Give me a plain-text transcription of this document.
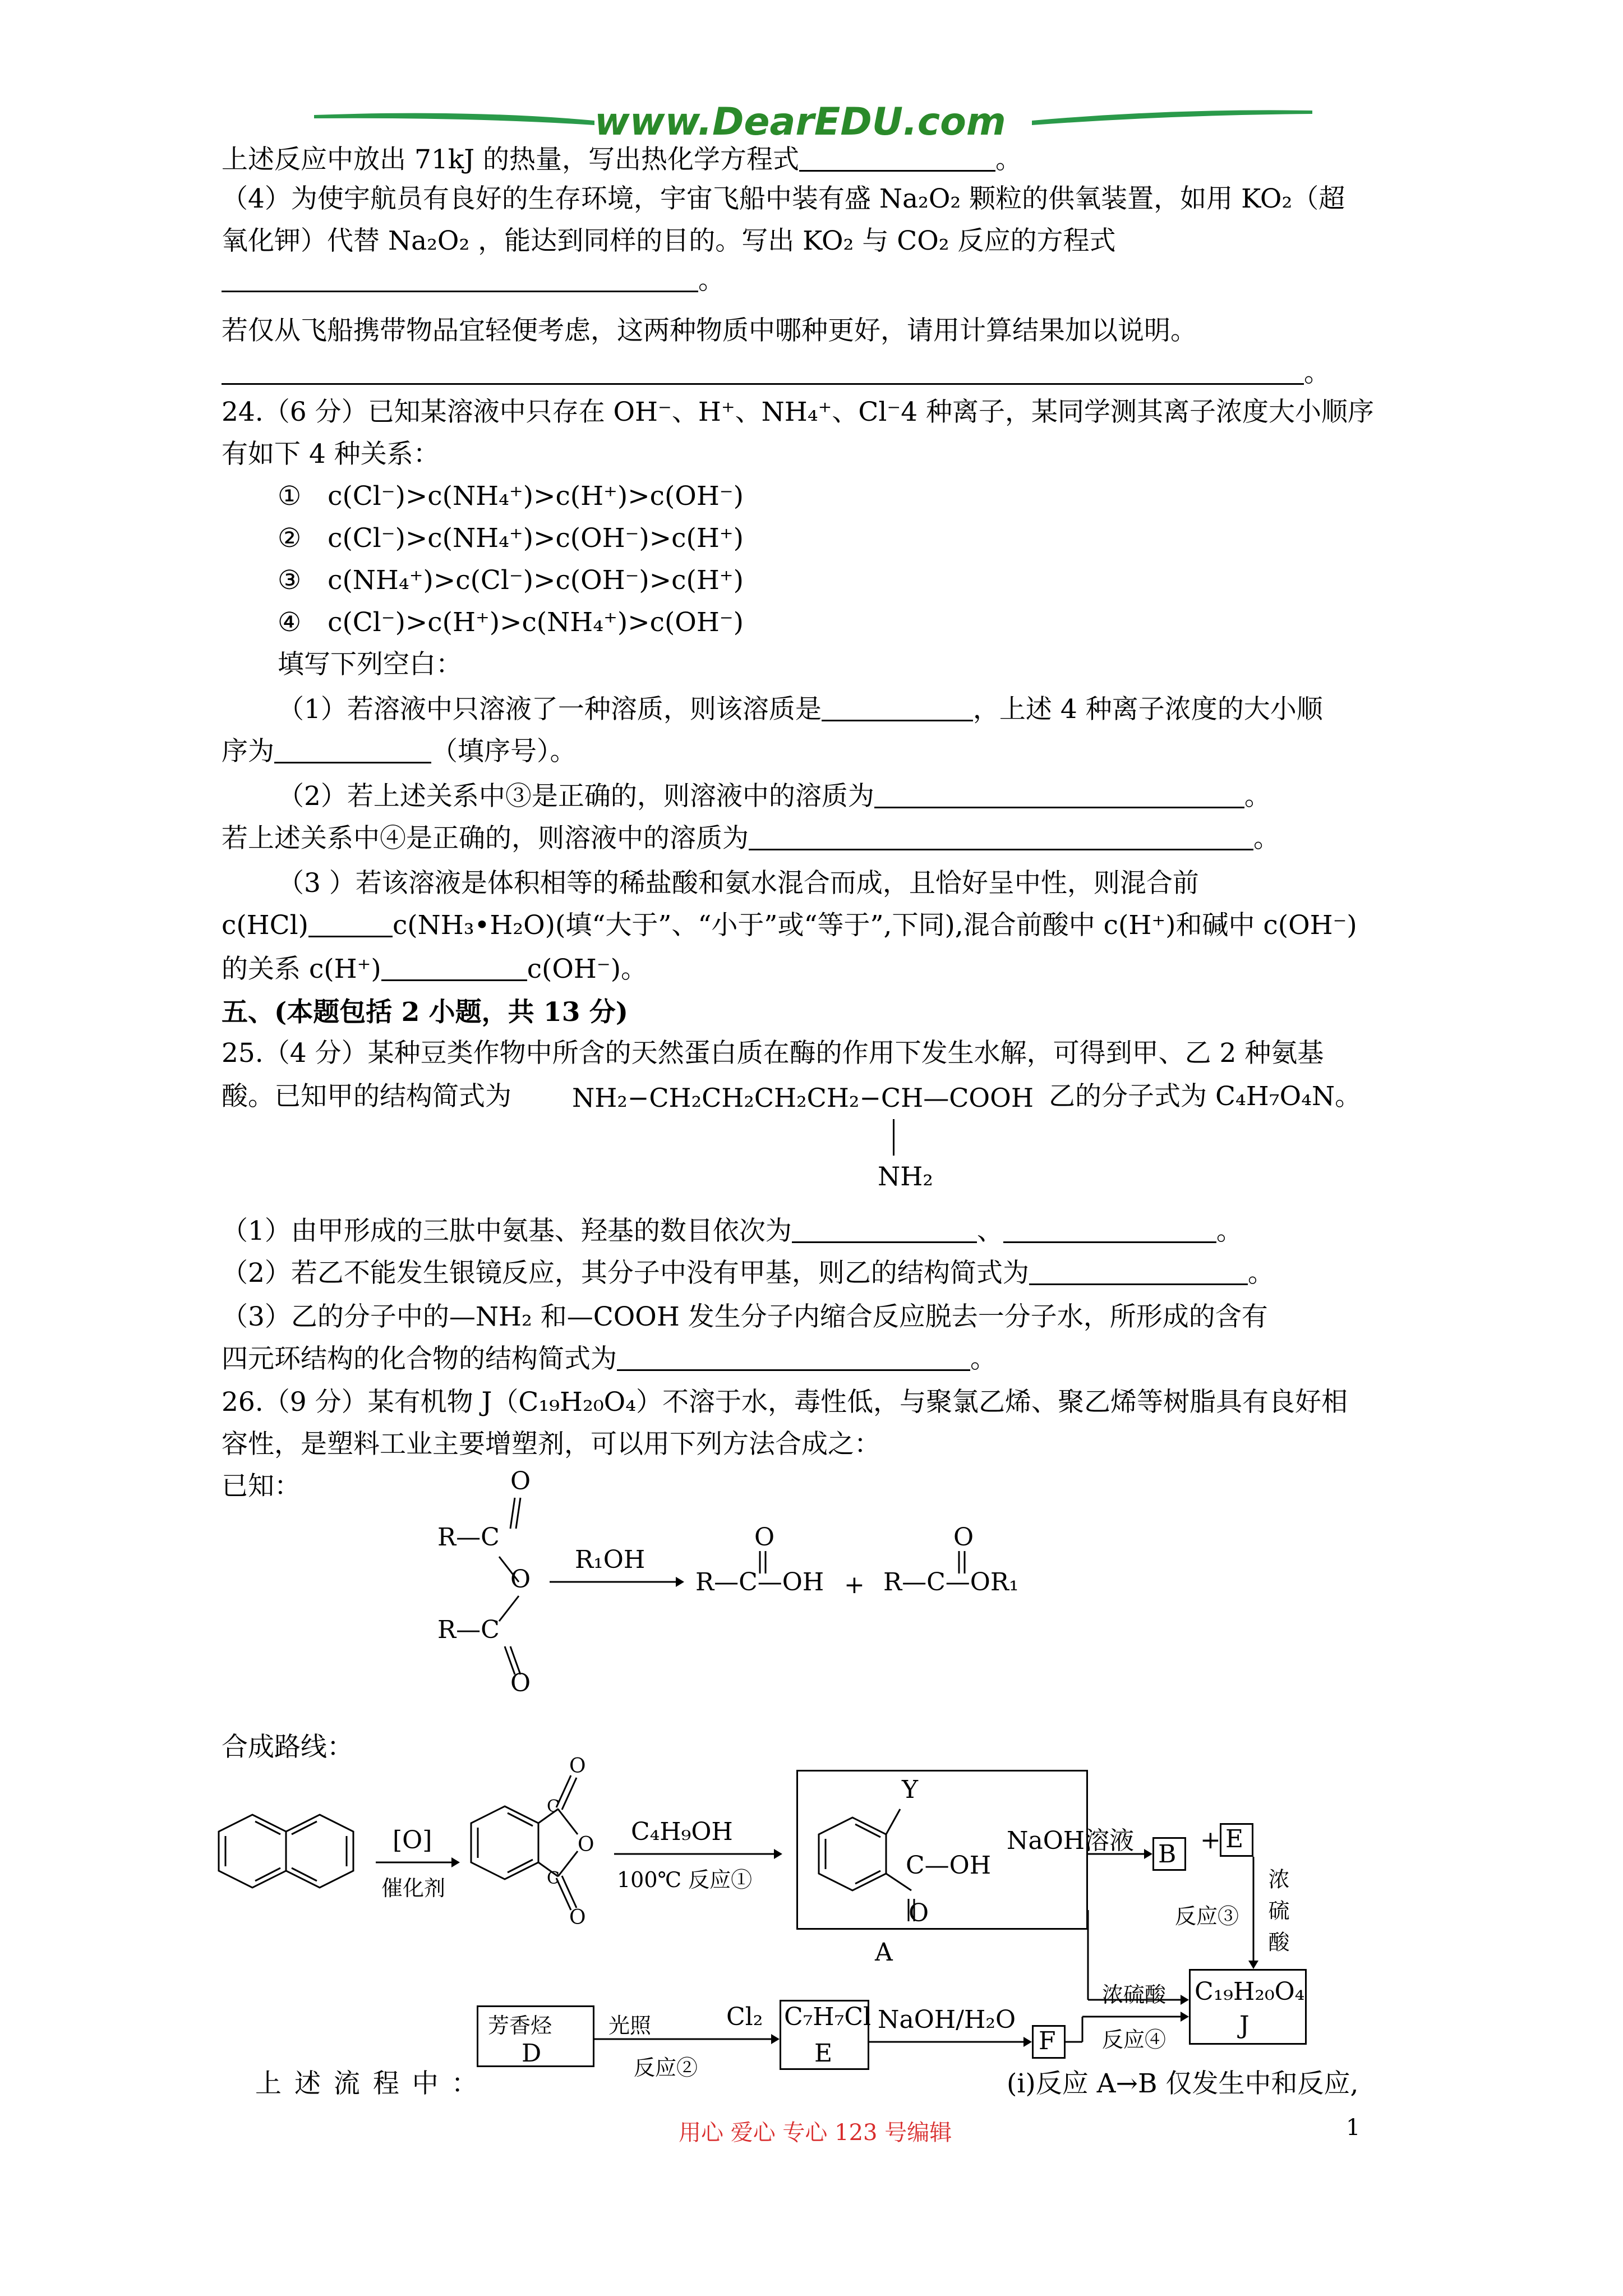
www.DearEDU.com
上述反应中放出 71kJ 的热量，写出热化学方程式	。
（4）为使宇航员有良好的生存环境，宇宙飞船中装有盛 Na₂O₂ 颗粒的供氧装置，如用 KO₂（超
氧化钾）代替 Na₂O₂ ，能达到同样的目的。写出 KO₂ 与 CO₂ 反应的方程式
。
若仅从飞船携带物品宜轻便考虑，这两种物质中哪种更好，请用计算结果加以说明。
。
24.（6 分）已知某溶液中只存在 OH⁻、H⁺、NH₄⁺、Cl⁻4 种离子，某同学测其离子浓度大小顺序
有如下 4 种关系：
①　c(Cl⁻)>c(NH₄⁺)>c(H⁺)>c(OH⁻)
②　c(Cl⁻)>c(NH₄⁺)>c(OH⁻)>c(H⁺)
③　c(NH₄⁺)>c(Cl⁻)>c(OH⁻)>c(H⁺)
④　c(Cl⁻)>c(H⁺)>c(NH₄⁺)>c(OH⁻)
填写下列空白：
（1）若溶液中只溶液了一种溶质，则该溶质是	，上述 4 种离子浓度的大小顺
序为	（填序号）。
（2）若上述关系中③是正确的，则溶液中的溶质为	。
若上述关系中④是正确的，则溶液中的溶质为	。
（3 ）若该溶液是体积相等的稀盐酸和氨水混合而成，且恰好呈中性，则混合前
c(HCl)	c(NH₃•H₂O)(填“大于”、“小于”或“等于”,下同),混合前酸中 c(H⁺)和碱中 c(OH⁻)
的关系 c(H⁺)	c(OH⁻)。
五、(本题包括 2 小题，共 13 分)
25.（4 分）某种豆类作物中所含的天然蛋白质在酶的作用下发生水解，可得到甲、乙 2 种氨基
酸。已知甲的结构简式为 NH₂−CH₂CH₂CH₂CH₂−CH—COOH
NH₂
乙的分子式为 C₄H₇O₄N。
（1）由甲形成的三肽中氨基、羟基的数目依次为	、	。
（2）若乙不能发生银镜反应，其分子中没有甲基，则乙的结构简式为	。
（3）乙的分子中的—NH₂ 和—COOH 发生分子内缩合反应脱去一分子水，所形成的含有
四元环结构的化合物的结构简式为	。
26.（9 分）某有机物 J（C₁₉H₂₀O₄）不溶于水，毒性低，与聚氯乙烯、聚乙烯等树脂具有良好相
容性，是塑料工业主要增塑剂，可以用下列方法合成之：
已知：	O
R—C
O
R—C
O
R₁OH
O
R—C—OH +
O
R—C—OR₁
合成路线：
[O]
催化剂
O
O
O
C
C
C₄H₉OH
100℃ 反应①
Y
C—OH
O
A
NaOH溶液 B + E
浓硫酸
反应③
C₁₉H₂₀O₄
J
芳香烃
D
光照	Cl₂
反应②
C₇H₇Cl
E
NaOH/H₂O
F
浓硫酸
反应④
上 述 流 程 中 ：	(i)反应 A→B 仅发生中和反应,
用心 爱心 专心 123 号编辑	1
